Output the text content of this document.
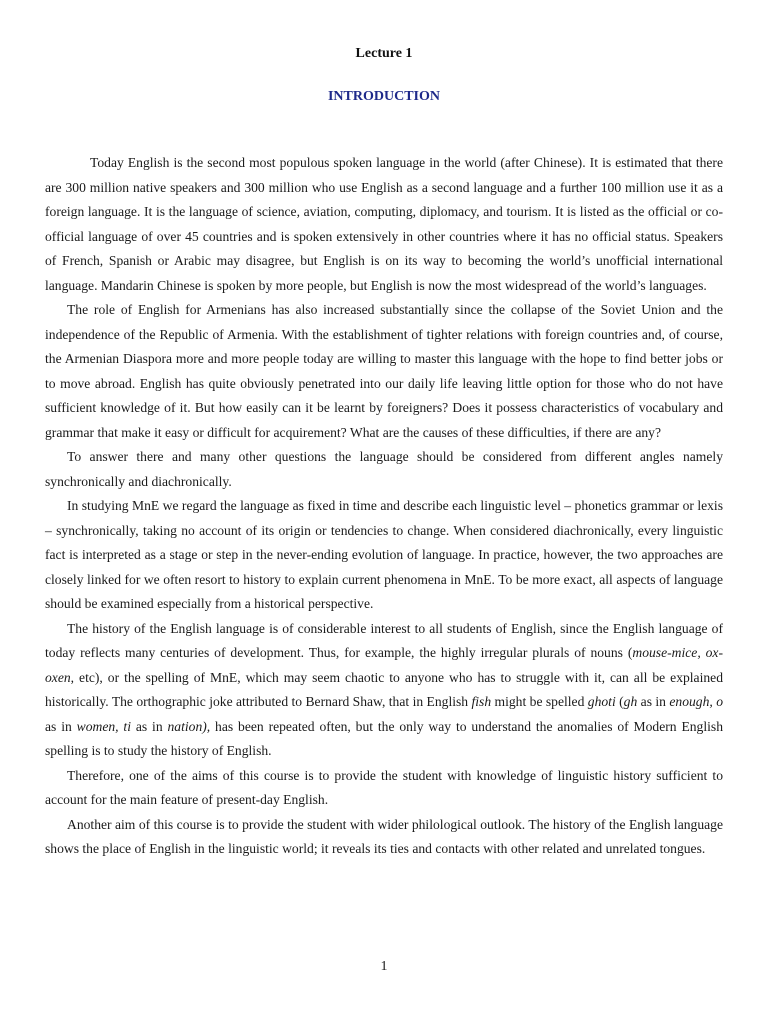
Lecture 1
INTRODUCTION

Today English is the second most populous spoken language in the world (after Chinese). It is estimated that there are 300 million native speakers and 300 million who use English as a second language and a further 100 million use it as a foreign language. It is the language of science, aviation, computing, diplomacy, and tourism. It is listed as the official or co-official language of over 45 countries and is spoken extensively in other countries where it has no official status. Speakers of French, Spanish or Arabic may disagree, but English is on its way to becoming the world’s unofficial international language. Mandarin Chinese is spoken by more people, but English is now the most widespread of the world’s languages.

The role of English for Armenians has also increased substantially since the collapse of the Soviet Union and the independence of the Republic of Armenia. With the establishment of tighter relations with foreign countries and, of course, the Armenian Diaspora more and more people today are willing to master this language with the hope to find better jobs or to move abroad. English has quite obviously penetrated into our daily life leaving little option for those who do not have sufficient knowledge of it. But how easily can it be learnt by foreigners? Does it possess characteristics of vocabulary and grammar that make it easy or difficult for acquirement? What are the causes of these difficulties, if there are any?

To answer there and many other questions the language should be considered from different angles namely synchronically and diachronically.

In studying MnE we regard the language as fixed in time and describe each linguistic level – phonetics grammar or lexis – synchronically, taking no account of its origin or tendencies to change. When considered diachronically, every linguistic fact is interpreted as a stage or step in the never-ending evolution of language. In practice, however, the two approaches are closely linked for we often resort to history to explain current phenomena in MnE. To be more exact, all aspects of language should be examined especially from a historical perspective.

The history of the English language is of considerable interest to all students of English, since the English language of today reflects many centuries of development. Thus, for example, the highly irregular plurals of nouns (mouse-mice, ox-oxen, etc), or the spelling of MnE, which may seem chaotic to anyone who has to struggle with it, can all be explained historically. The orthographic joke attributed to Bernard Shaw, that in English fish might be spelled ghoti (gh as in enough, o as in women, ti as in nation), has been repeated often, but the only way to understand the anomalies of Modern English spelling is to study the history of English.

Therefore, one of the aims of this course is to provide the student with knowledge of linguistic history sufficient to account for the main feature of present-day English.

Another aim of this course is to provide the student with wider philological outlook. The history of the English language shows the place of English in the linguistic world; it reveals its ties and contacts with other related and unrelated tongues.

1
